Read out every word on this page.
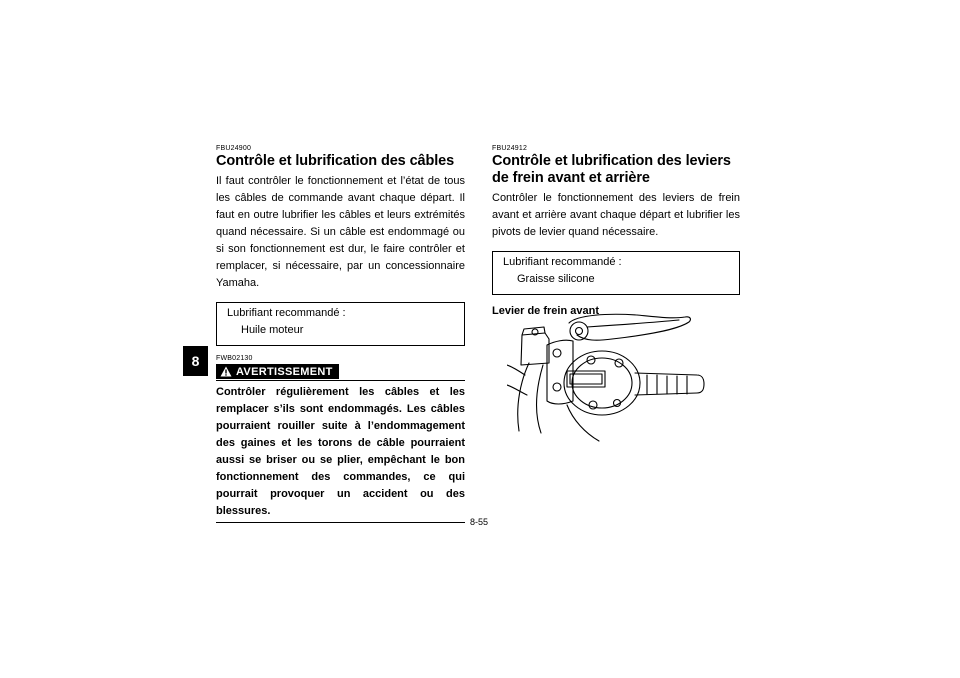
8

FBU24900

Contrôle et lubrification des câbles

Il faut contrôler le fonctionnement et l’état de tous les câbles de commande avant chaque départ. Il faut en outre lubrifier les câbles et leurs extrémités quand nécessaire. Si un câble est endommagé ou si son fonctionnement est dur, le faire contrôler et remplacer, si nécessaire, par un concessionnaire Yamaha.

Lubrifiant recommandé :
Huile moteur

FWB02130

AVERTISSEMENT

Contrôler régulièrement les câbles et les remplacer s’ils sont endommagés. Les câbles pourraient rouiller suite à l’endommagement des gaines et les torons de câble pourraient aussi se briser ou se plier, empêchant le bon fonctionnement des commandes, ce qui pourrait provoquer un accident ou des blessures.

FBU24912

Contrôle et lubrification des leviers de frein avant et arrière

Contrôler le fonctionnement des leviers de frein avant et arrière avant chaque départ et lubrifier les pivots de levier quand nécessaire.

Lubrifiant recommandé :
Graisse silicone

Levier de frein avant

8-55
